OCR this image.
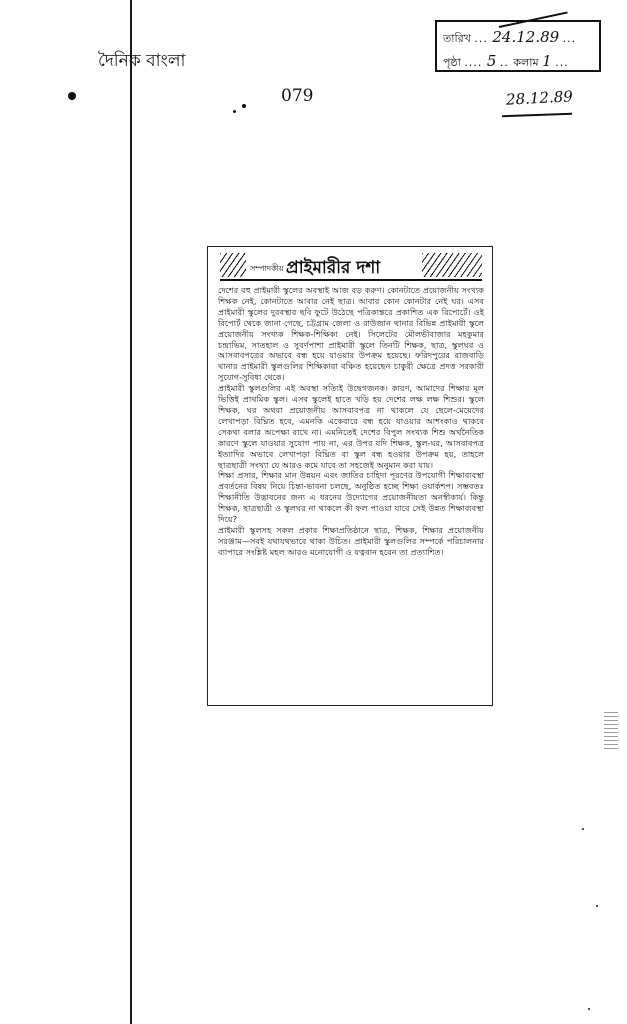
দৈনিক বাংলা
079
তারিখ ... 24.12.89 ...
পৃষ্ঠা .... 5 .. কলাম 1 ...
28.12.89
সম্পাদকীয় প্রাইমারীর দশা

দেশের বহু প্রাইমারী স্কুলের অবস্থাই আজ বড় করুণ। কোনটাতে প্রয়োজনীয় সংখ্যক শিক্ষক নেই, কোনটাতে আবার নেই ছাত্র। আবার কোন কোনটার নেই ঘর। এসব প্রাইমারী স্কুলের দুরবস্থার ছবি ফুটে উঠেছে পত্রিকান্তরে প্রকাশিত এক রিপোর্টে। ওই রিপোর্ট থেকে জানা গেছে, চট্টগ্রাম জেলা ও রাউজান থানার বিভিন্ন প্রাইমারী স্কুলে প্রয়োজনীয় সংখ্যক শিক্ষক-শিক্ষিকা নেই। সিলেটের মৌলভীবাজার মহকুমার চন্দ্রাভিম, সাতহাল ও সুবর্ণপাশা প্রাইমারী স্কুলে তিনটি শিক্ষক, ছাত্র, স্কুলঘর ও আসবাবপত্রের অভাবে বন্ধ হয়ে যাওয়ার উপক্রম হয়েছে। ফরিদপুরের রাজবাড়ি থানার প্রাইমারী স্কুলগুলির শিক্ষিকারা বঞ্চিত হয়েছেন চাকুরী ক্ষেত্রে প্রদত্ত সরকারী সুযোগ-সুবিধা থেকে।

প্রাইমারী স্কুলগুলির এই অবস্থা সত্যিই উদ্বেগজনক। কারণ, আমাদের শিক্ষার মূল ভিত্তিই প্রাথমিক স্কুল। এসব স্কুলেই হাতে খড়ি হয় দেশের লক্ষ লক্ষ শিশুর। স্কুলে শিক্ষক, ঘর অথবা প্রয়োজনীয় আসবাবপত্র না থাকলে যে ছেলে-মেয়েদের লেখাপড়া বিঘ্নিত হবে, এমনকি একেবারে বন্ধ হয়ে যাওয়ার আশংকাও থাকবে সেকথা বলার অপেক্ষা রাখে না। এমনিতেই দেশের বিপুল সংখ্যক শিশু অর্থনৈতিক কারণে স্কুলে যাওয়ার সুযোগ পায় না, এর উপর যদি শিক্ষক, স্কুল-ঘর, আসবাবপত্র ইত্যাদির অভাবে লেখাপড়া বিঘ্নিত বা স্কুল বন্ধ হওয়ার উপক্রম হয়, তাহলে ছাত্রছাত্রী সংখ্যা যে আরও কমে যাবে তা সহজেই অনুমান করা যায়।

শিক্ষা প্রসার, শিক্ষার মান উন্নয়ন এবং জাতির চাহিদা পূরণের উপযোগী শিক্ষাব্যবস্থা প্রবর্তনের বিষয় নিয়ে চিন্তা-ভাবনা চলছে, অনুষ্ঠিত হচ্ছে শিক্ষা ওয়ার্কশপ। সম্ভবতঃ শিক্ষানীতি উদ্ভাবনের জন্য এ ধরনের উদ্যোগের প্রয়োজনীয়তা অনস্বীকার্য। কিন্তু শিক্ষক, ছাত্রছাত্রী ও স্কুলঘর না থাকলে কী ফল পাওয়া যাবে সেই উন্নত শিক্ষাব্যবস্থা দিয়ে?

প্রাইমারী স্কুলসহ সকল প্রকার শিক্ষাপ্রতিষ্ঠানে ছাত্র, শিক্ষক, শিক্ষার প্রয়োজনীয় সরঞ্জাম—সবই যথাযথভাবে থাকা উচিত। প্রাইমারী স্কুলগুলির সম্পর্কে পরিচালনার ব্যাপারে সংশ্লিষ্ট মহল আরও মনোযোগী ও যত্নবান হবেন তা প্রত্যাশিত।
